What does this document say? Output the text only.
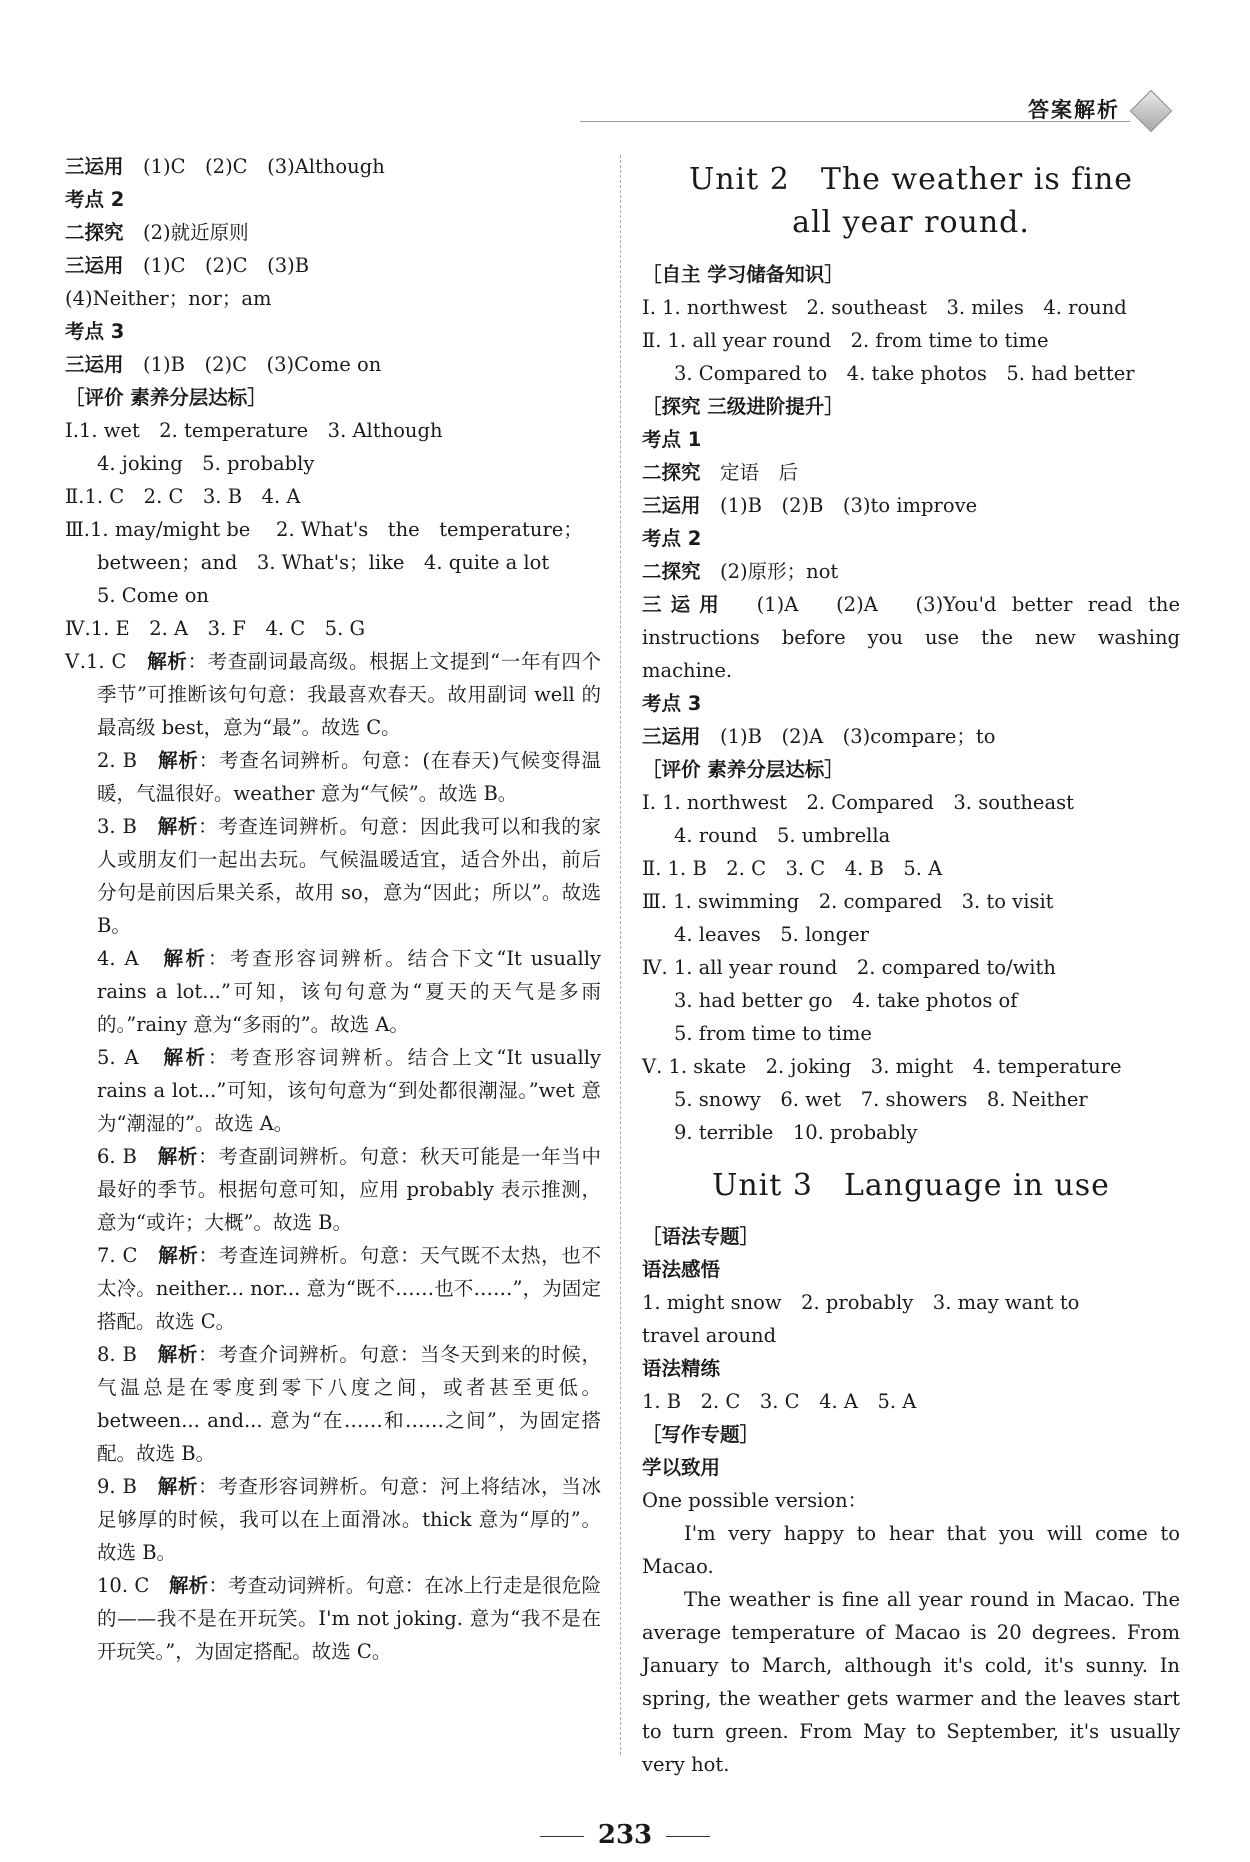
答案解析
三运用　(1)C　(2)C　(3)Although
考点 2
二探究　(2)就近原则
三运用　(1)C　(2)C　(3)B
(4)Neither；nor；am
考点 3
三运用　(1)B　(2)C　(3)Come on
［评价 素养分层达标］
Ⅰ.1. wet　2. temperature　3. Although
4. joking　5. probably
Ⅱ.1. C　2. C　3. B　4. A
Ⅲ.1. may/might be　 2. What's　the　temperature；
between；and　3. What's；like　4. quite a lot
5. Come on
Ⅳ.1. E　2. A　3. F　4. C　5. G
Ⅴ.1. C　解析：考查副词最高级。根据上文提到“一年有四个季节”可推断该句句意：我最喜欢春天。故用副词 well 的最高级 best，意为“最”。故选 C。
2. B　解析：考查名词辨析。句意：(在春天)气候变得温暖，气温很好。weather 意为“气候”。故选 B。
3. B　解析：考查连词辨析。句意：因此我可以和我的家人或朋友们一起出去玩。气候温暖适宜，适合外出，前后分句是前因后果关系，故用 so，意为“因此；所以”。故选 B。
4. A　解析：考查形容词辨析。结合下文“It usually rains a lot...”可知，该句句意为“夏天的天气是多雨的。”rainy 意为“多雨的”。故选 A。
5. A　解析：考查形容词辨析。结合上文“It usually rains a lot...”可知，该句句意为“到处都很潮湿。”wet 意为“潮湿的”。故选 A。
6. B　解析：考查副词辨析。句意：秋天可能是一年当中最好的季节。根据句意可知，应用 probably 表示推测，意为“或许；大概”。故选 B。
7. C　解析：考查连词辨析。句意：天气既不太热，也不太冷。neither... nor... 意为“既不……也不……”，为固定搭配。故选 C。
8. B　解析：考查介词辨析。句意：当冬天到来的时候，气温总是在零度到零下八度之间，或者甚至更低。between... and... 意为“在……和……之间”，为固定搭配。故选 B。
9. B　解析：考查形容词辨析。句意：河上将结冰，当冰足够厚的时候，我可以在上面滑冰。thick 意为“厚的”。故选 B。
10. C　解析：考查动词辨析。句意：在冰上行走是很危险的——我不是在开玩笑。I'm not joking. 意为“我不是在开玩笑。”，为固定搭配。故选 C。
Unit 2　The weather is fine
all year round.
［自主 学习储备知识］
Ⅰ. 1. northwest　2. southeast　3. miles　4. round
Ⅱ. 1. all year round　2. from time to time
3. Compared to　4. take photos　5. had better
［探究 三级进阶提升］
考点 1
二探究　定语　后
三运用　(1)B　(2)B　(3)to improve
考点 2
二探究　(2)原形；not
三运用　(1)A　(2)A　(3)You'd better read the instructions before you use the new washing machine.
考点 3
三运用　(1)B　(2)A　(3)compare；to
［评价 素养分层达标］
Ⅰ. 1. northwest　2. Compared　3. southeast
4. round　5. umbrella
Ⅱ. 1. B　2. C　3. C　4. B　5. A
Ⅲ. 1. swimming　2. compared　3. to visit
4. leaves　5. longer
Ⅳ. 1. all year round　2. compared to/with
3. had better go　4. take photos of
5. from time to time
Ⅴ. 1. skate　2. joking　3. might　4. temperature
5. snowy　6. wet　7. showers　8. Neither
9. terrible　10. probably
Unit 3　Language in use
［语法专题］
语法感悟
1. might snow　2. probably　3. may want to
travel around
语法精练
1. B　2. C　3. C　4. A　5. A
［写作专题］
学以致用
One possible version：
I'm very happy to hear that you will come to Macao.
The weather is fine all year round in Macao. The average temperature of Macao is 20 degrees. From January to March, although it's cold, it's sunny. In spring, the weather gets warmer and the leaves start to turn green. From May to September, it's usually very hot.
233
